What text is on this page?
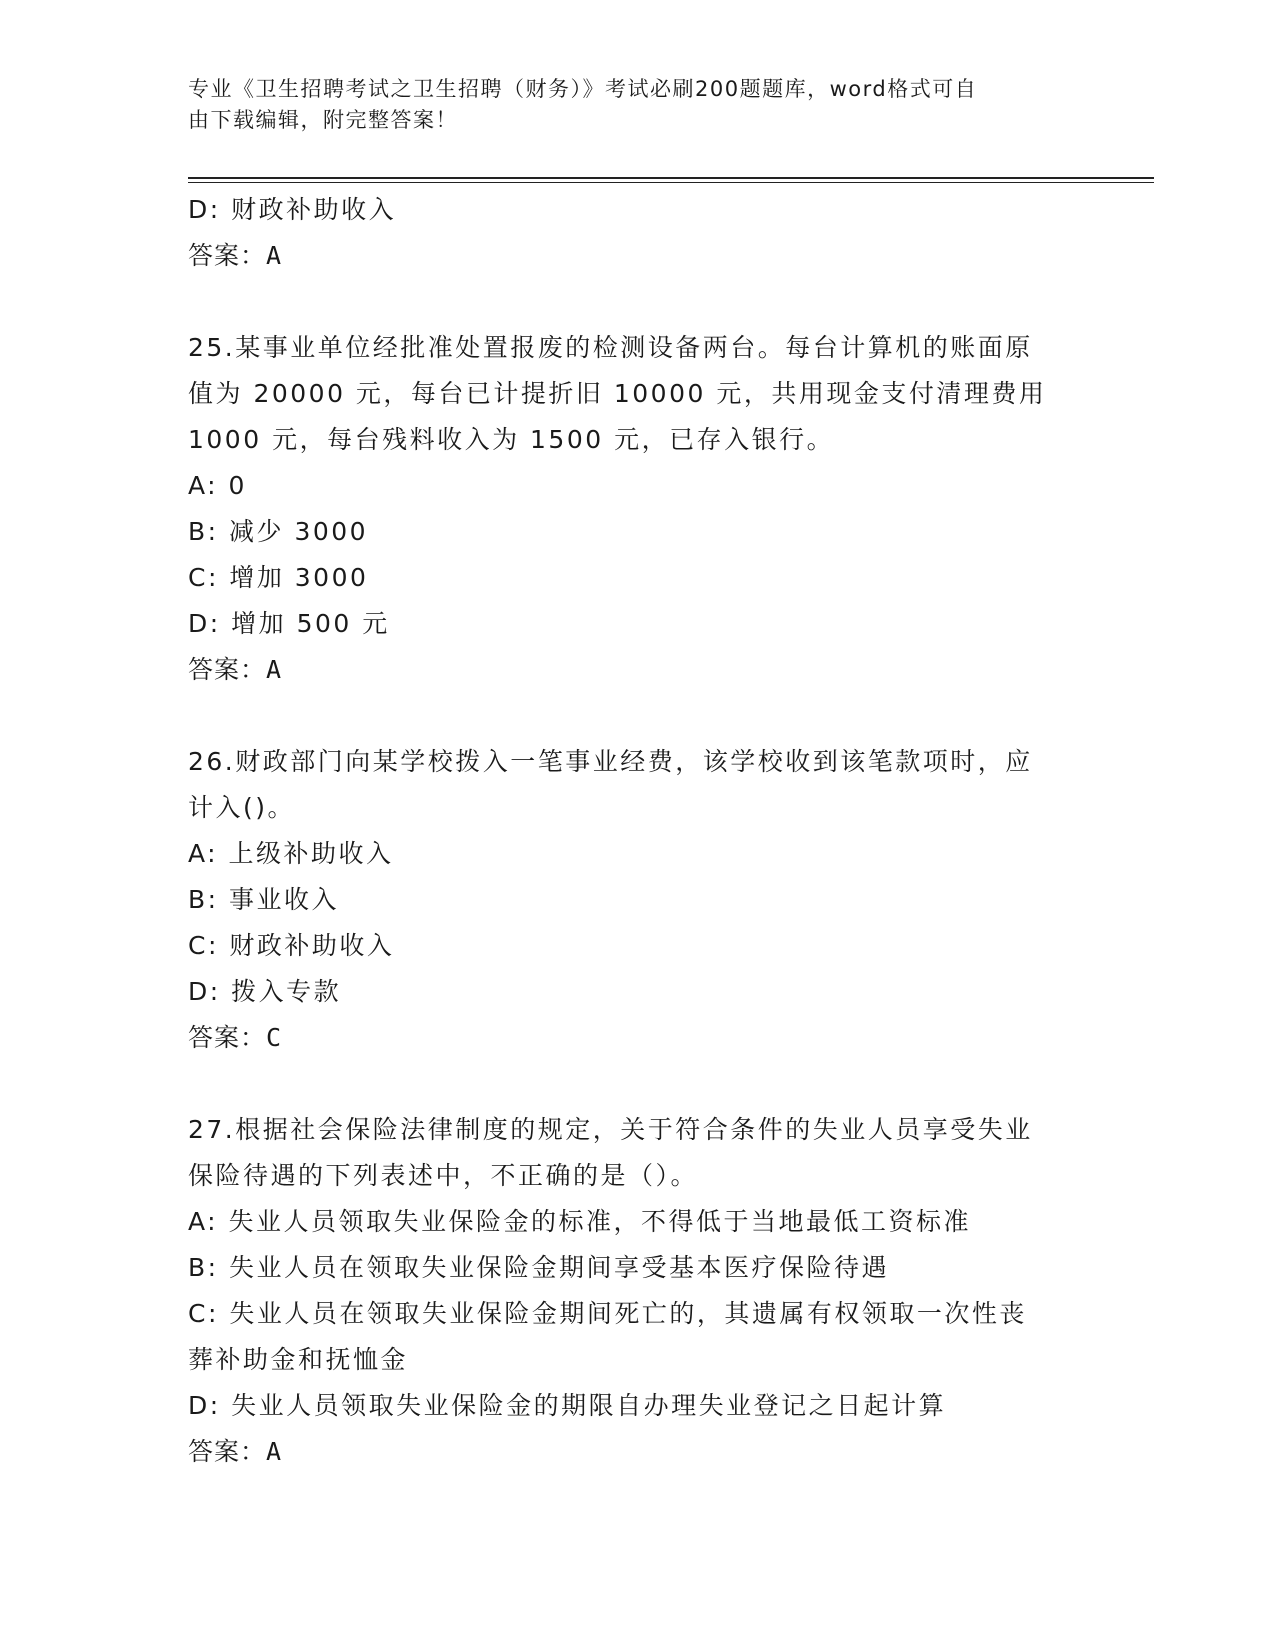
专业《卫生招聘考试之卫生招聘（财务）》考试必刷200题题库，word格式可自
由下载编辑，附完整答案！
D: 财政补助收入
答案：A
25.某事业单位经批准处置报废的检测设备两台。每台计算机的账面原
值为 20000 元，每台已计提折旧 10000 元，共用现金支付清理费用
1000 元，每台残料收入为 1500 元，已存入银行。
A: 0
B: 减少 3000
C: 增加 3000
D: 增加 500 元
答案：A
26.财政部门向某学校拨入一笔事业经费，该学校收到该笔款项时，应
计入()。
A: 上级补助收入
B: 事业收入
C: 财政补助收入
D: 拨入专款
答案：C
27.根据社会保险法律制度的规定，关于符合条件的失业人员享受失业
保险待遇的下列表述中，不正确的是（）。
A: 失业人员领取失业保险金的标准，不得低于当地最低工资标准
B: 失业人员在领取失业保险金期间享受基本医疗保险待遇
C: 失业人员在领取失业保险金期间死亡的，其遗属有权领取一次性丧
葬补助金和抚恤金
D: 失业人员领取失业保险金的期限自办理失业登记之日起计算
答案：A
